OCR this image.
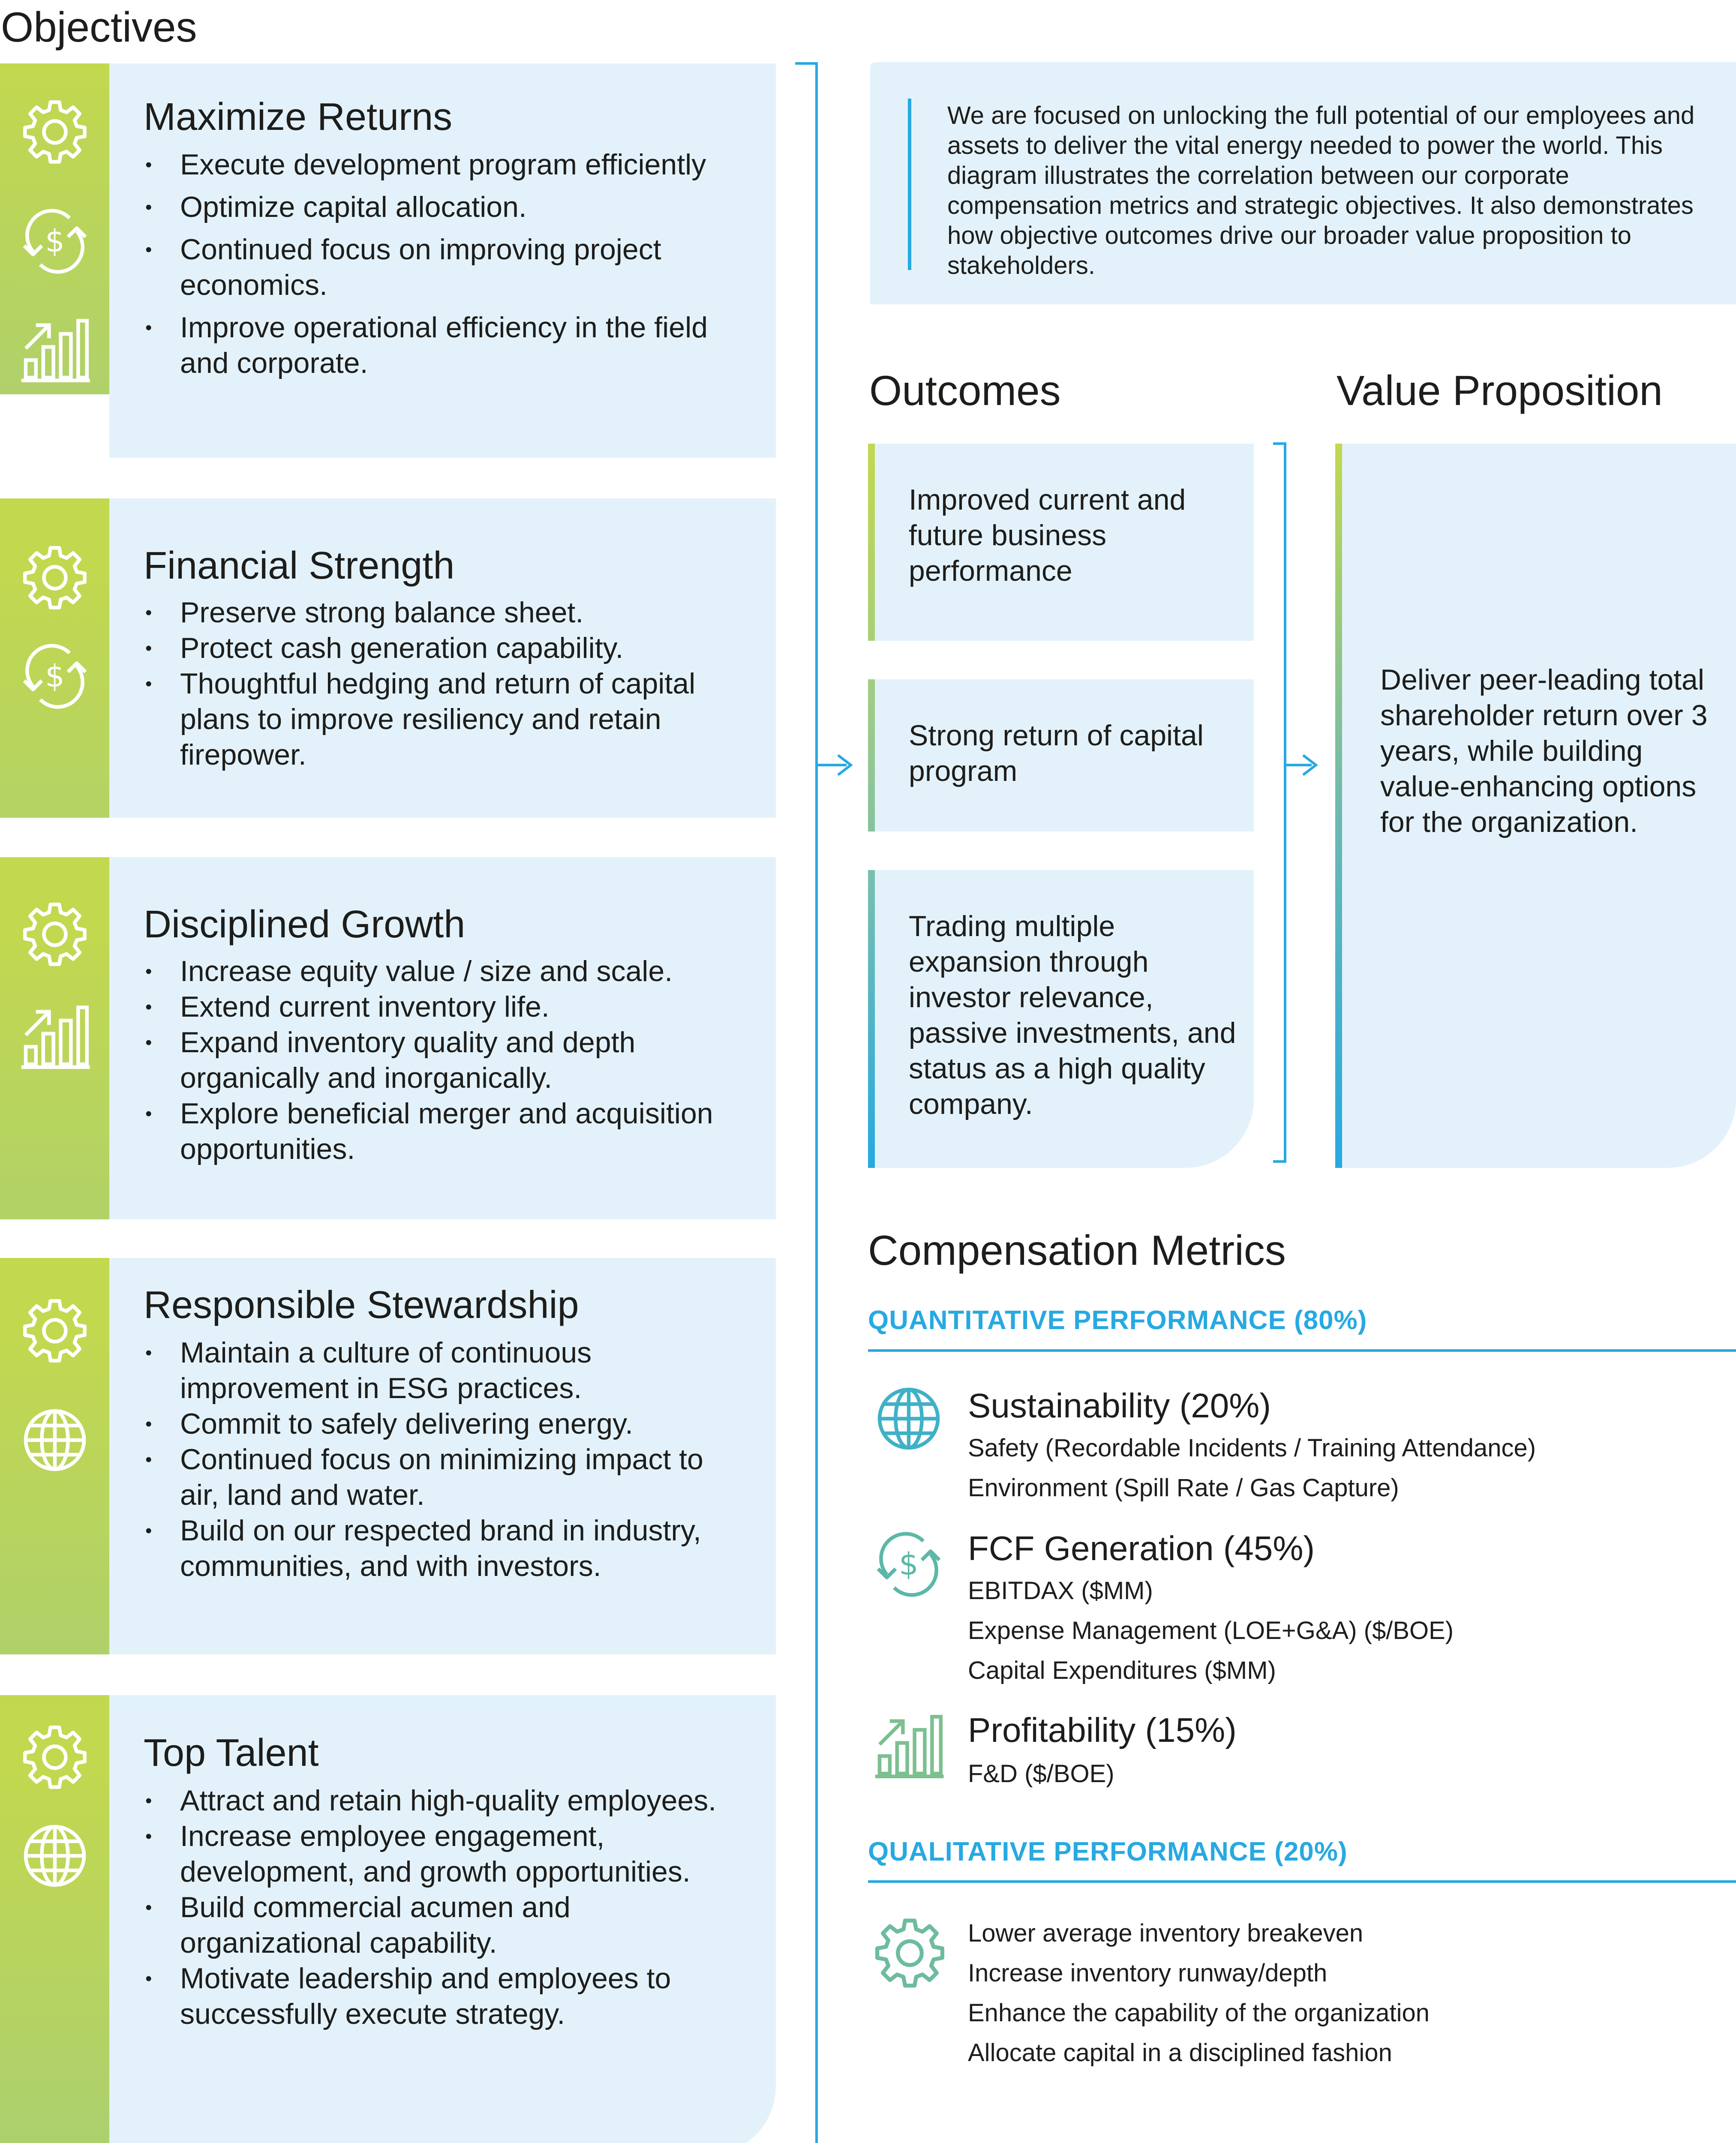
Objectives
Maximize Returns
• Execute development program efficiently
• Optimize capital allocation.
• Continued focus on improving project economics.
• Improve operational efficiency in the field and corporate.
Financial Strength
• Preserve strong balance sheet.
• Protect cash generation capability.
• Thoughtful hedging and return of capital plans to improve resiliency and retain firepower.
Disciplined Growth
• Increase equity value / size and scale.
• Extend current inventory life.
• Expand inventory quality and depth organically and inorganically.
• Explore beneficial merger and acquisition opportunities.
Responsible Stewardship
• Maintain a culture of continuous improvement in ESG practices.
• Commit to safely delivering energy.
• Continued focus on minimizing impact to air, land and water.
• Build on our respected brand in industry, communities, and with investors.
Top Talent
• Attract and retain high-quality employees.
• Increase employee engagement, development, and growth opportunities.
• Build commercial acumen and organizational capability.
• Motivate leadership and employees to successfully execute strategy.
We are focused on unlocking the full potential of our employees and assets to deliver the vital energy needed to power the world. This diagram illustrates the correlation between our corporate compensation metrics and strategic objectives. It also demonstrates how objective outcomes drive our broader value proposition to stakeholders.
Outcomes
Improved current and future business performance
Strong return of capital program
Trading multiple expansion through investor relevance, passive investments, and status as a high quality company.
Value Proposition
Deliver peer-leading total shareholder return over 3 years, while building value-enhancing options for the organization.
Compensation Metrics
QUANTITATIVE PERFORMANCE (80%)
Sustainability (20%)
Safety (Recordable Incidents / Training Attendance)
Environment (Spill Rate / Gas Capture)
FCF Generation (45%)
EBITDAX ($MM)
Expense Management (LOE+G&A) ($/BOE)
Capital Expenditures ($MM)
Profitability (15%)
F&D ($/BOE)
QUALITATIVE PERFORMANCE (20%)
Lower average inventory breakeven
Increase inventory runway/depth
Enhance the capability of the organization
Allocate capital in a disciplined fashion
